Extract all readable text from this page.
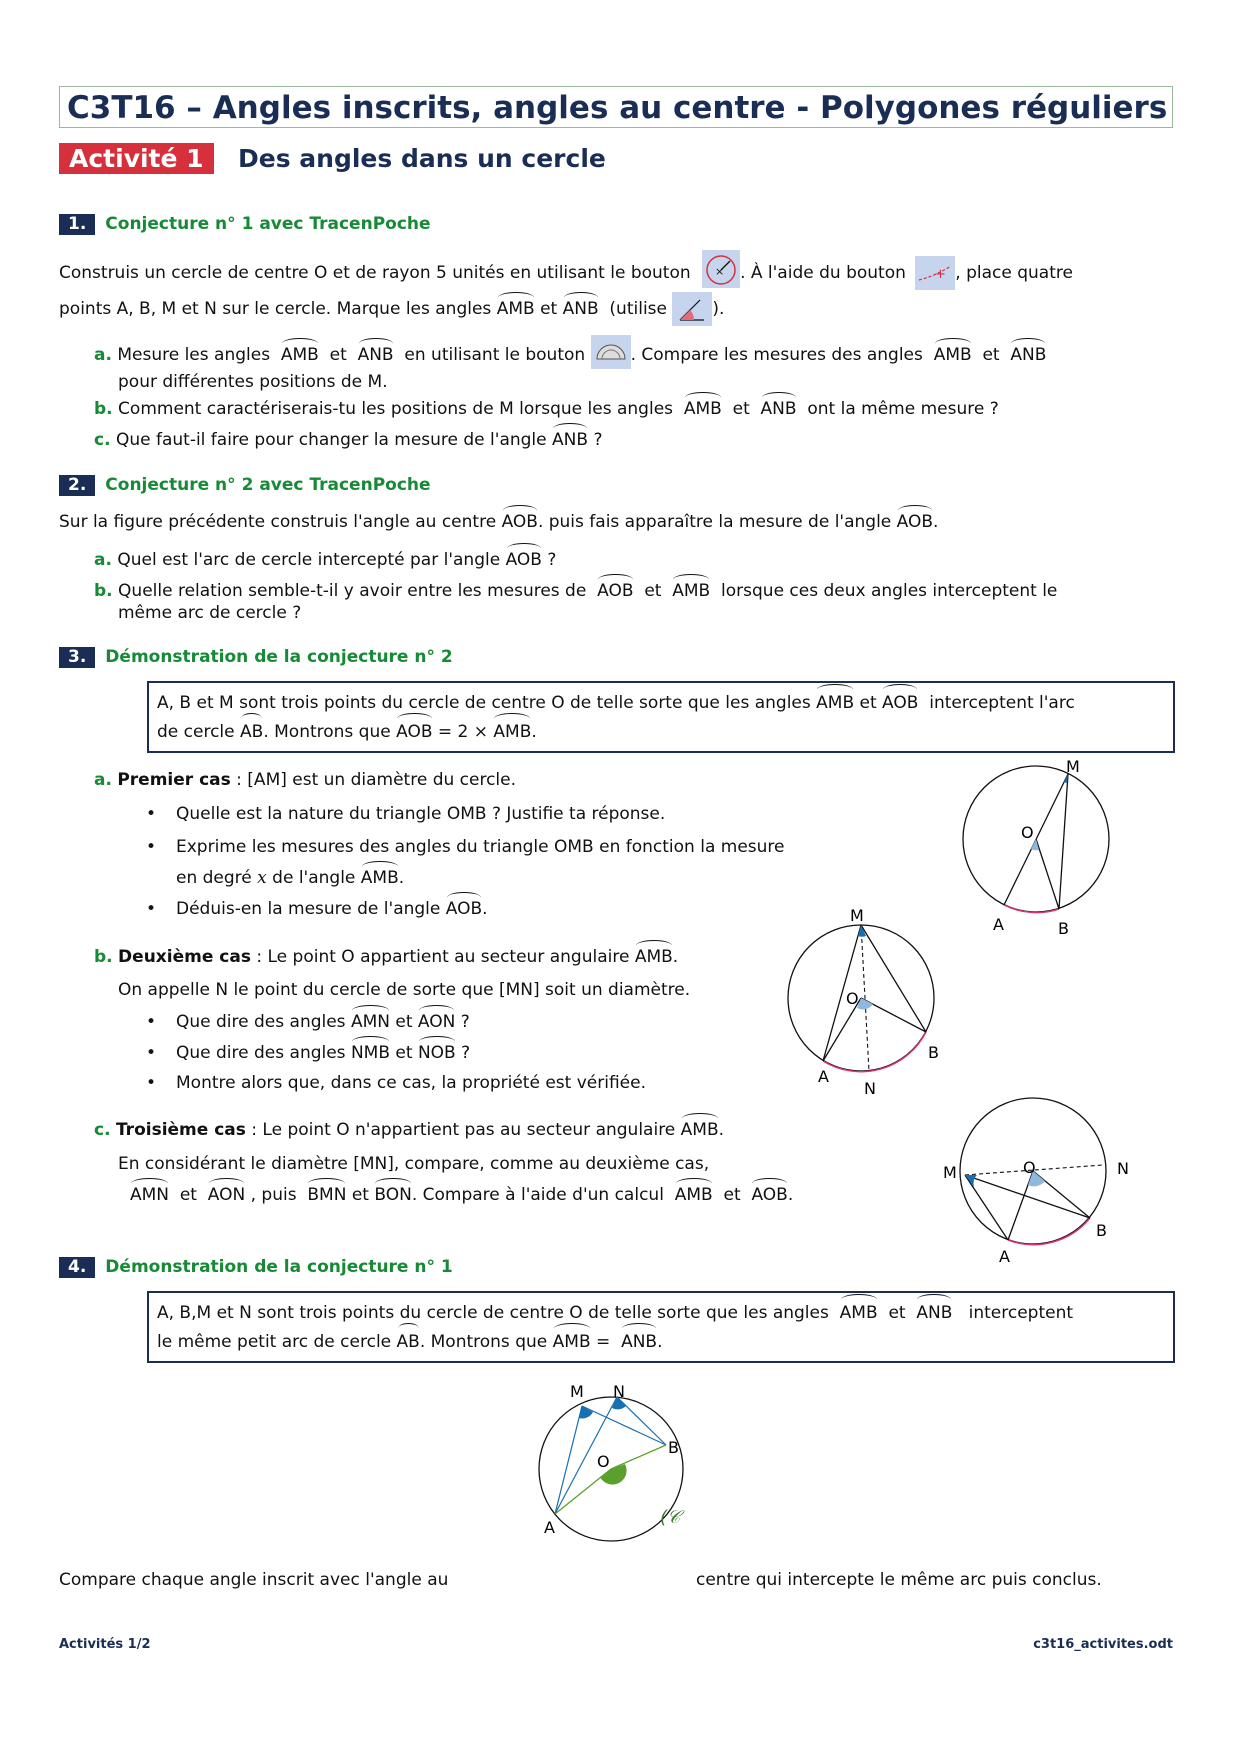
C3T16 – Angles inscrits, angles au centre - Polygones réguliers
Activité 1	Des angles dans un cercle
1. Conjecture n° 1 avec TracenPoche
Construis un cercle de centre O et de rayon 5 unités en utilisant le bouton × . À l'aide du bouton + , place quatre
points A, B, M et N sur le cercle. Marque les angles AMB et ANB (utilise	).
a. Mesure les angles AMB et ANB en utilisant le bouton	. Compare les mesures des angles AMB et ANB
pour différentes positions de M.
b. Comment caractériserais-tu les positions de M lorsque les angles AMB et ANB ont la même mesure ?
c. Que faut-il faire pour changer la mesure de l'angle ANB ?
2. Conjecture n° 2 avec TracenPoche
Sur la figure précédente construis l'angle au centre AOB. puis fais apparaître la mesure de l'angle AOB.
a. Quel est l'arc de cercle intercepté par l'angle AOB ?
b. Quelle relation semble-t-il y avoir entre les mesures de AOB et AMB lorsque ces deux angles interceptent le
même arc de cercle ?
3. Démonstration de la conjecture n° 2
A, B et M sont trois points du cercle de centre O de telle sorte que les angles AMB et AOB interceptent l'arc
de cercle AB. Montrons que AOB = 2 × AMB.
a. Premier cas : [AM] est un diamètre du cercle.
• Quelle est la nature du triangle OMB ? Justifie ta réponse.
• Exprime les mesures des angles du triangle OMB en fonction la mesure
en degré x de l'angle AMB.
• Déduis-en la mesure de l'angle AOB.
b. Deuxième cas : Le point O appartient au secteur angulaire AMB.
On appelle N le point du cercle de sorte que [MN] soit un diamètre.
• Que dire des angles AMN et AON ?
• Que dire des angles NMB et NOB ?
• Montre alors que, dans ce cas, la propriété est vérifiée.
c. Troisième cas : Le point O n'appartient pas au secteur angulaire AMB.
En considérant le diamètre [MN], compare, comme au deuxième cas,
AMN et AON , puis BMN et BON. Compare à l'aide d'un calcul AMB et AOB.
4. Démonstration de la conjecture n° 1
A, B,M et N sont trois points du cercle de centre O de telle sorte que les angles AMB et ANB interceptent
le même petit arc de cercle AB. Montrons que AMB = ANB.
Compare chaque angle inscrit avec l'angle au	centre qui intercepte le même arc puis conclus.
M
O
A	B
M
O
A
B
N
M	O
A
B
N
M N
O
B
A	(𝒞
Activités 1/2	c3t16_activites.odt
